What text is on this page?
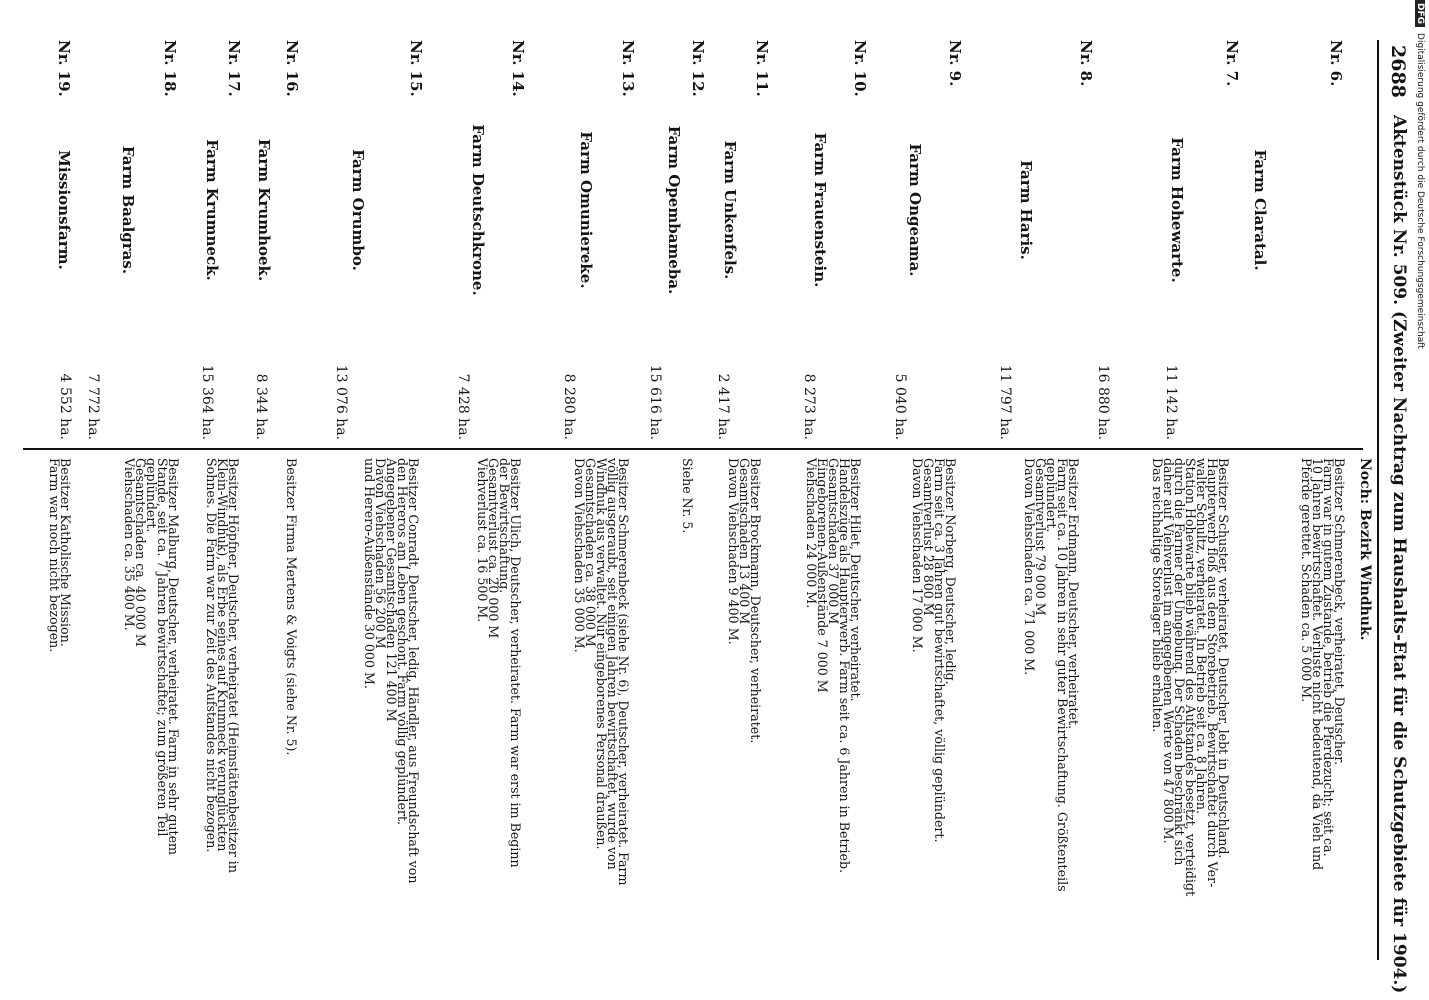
2688
Aktenstück Nr. 509. (Zweiter Nachtrag zum Haushalts-Etat für die Schutzgebiete für 1904.)
Noch: Bezirk Windhuk.
Nr. 6.
Farm Claratal.
11 142 ha.
Besitzer Schmerenbeck, verheiratet, Deutscher.
Farm war in gutem Zustande, betrieb die Pferdezucht; seit ca.
10 Jahren bewirtschaftet. Verluste nicht bedeutend, da Vieh und
Pferde gerettet. Schaden ca. 5 000 M.
Nr. 7.
Farm Hohewarte.
16 880 ha.
Besitzer Schuster, verheiratet, Deutscher, lebt in Deutschland.
Haupterwerb floß aus dem Storebetrieb. Bewirtschaftet durch Ver-
walter Schultz, verheiratet. In Betrieb seit ca. 8 Jahren.
Station Hohewarte blieb während des Aufstandes besetzt, verteidigt
durch die Farmer der Umgebung. Der Schaden beschränkt sich
daher auf Viehverlust im angegebenen Werte von 47 800 M.
Das reichhaltige Storelager blieb erhalten.
Nr. 8.
Farm Haris.
11 797 ha.
Besitzer Erdmann, Deutscher, verheiratet.
Farm seit ca. 10 Jahren in sehr guter Bewirtschaftung. Größtenteils
geplündert.
Gesamtverlust 79 000 M
Davon Viehschaden ca. 71 000 M.
Nr. 9.
Farm Ongeama.
5 040 ha.
Besitzer Norberg, Deutscher, ledig.
Farm seit ca. 3 Jahren gut bewirtschaftet, völlig geplündert.
Gesamtverlust 28 800 M
Davon Viehschaden 17 000 M.
Nr. 10.
Farm Frauenstein.
8 273 ha.
Besitzer Hilet, Deutscher, verheiratet.
Handelszüge als Haupterwerb. Farm seit ca. 6 Jahren in Betrieb.
Gesamtschaden 37 000 M
Eingeborenen-Außenstände 7 000 M
Viehschaden 24 000 M.
Nr. 11.
Farm Unkenfels.
2 417 ha.
Besitzer Brockmann, Deutscher, verheiratet.
Gesamtschaden 13 400 M
Davon Viehschaden 9 400 M.
Nr. 12.
Farm Opembameba.
15 616 ha.
Siehe Nr. 5.
Nr. 13.
Farm Omuniereke.
8 280 ha.
Besitzer Schmerenbeck (siehe Nr. 6), Deutscher, verheiratet. Farm
völlig ausgeraubt, seit einigen Jahren bewirtschaftet, wurde von
Windhuk aus verwaltet. Nur eingeborenes Personal draußen.
Gesamtschaden ca. 38 000 M
Davon Viehschaden 35 000 M.
Nr. 14.
Farm Deutschkrone.
7 428 ha.
Besitzer Ulich, Deutscher, verheiratet. Farm war erst im Beginn
der Bewirtschaftung.
Gesamtverlust ca. 20 000 M
Viehverlust ca. 16 500 M.
Nr. 15.
Farm Orumbo.
13 076 ha.
Besitzer Conradt, Deutscher, ledig, Händler, aus Freundschaft von
den Hereros am Leben geschont. Farm völlig geplündert.
Angegebener Gesamtschaden 121 400 M
Davon Viehschaden 56 200 M
und Herero-Außenstände 30 000 M.
Nr. 16.
Farm Krumhoek.
8 344 ha.
Besitzer Firma Mertens & Voigts (siehe Nr. 5).
Nr. 17.
Farm Krumneck.
15 364 ha.
Besitzer Höpfner, Deutscher, verheiratet (Heimstättenbesitzer in
Klein-Windhuk), als Erbe seines auf Krumneck verunglückten
Sohnes. Die Farm war zur Zeit des Aufstandes nicht bezogen.
Nr. 18.
Farm Baalgras.
7 772 ha.
Besitzer Malburg, Deutscher, verheiratet. Farm in sehr gutem
Stande, seit ca. 7 Jahren bewirtschaftet; zum größeren Teil
geplündert.
Gesamtschaden ca. 40 000 M
Viehschaden ca. 35 400 M.
Nr. 19.
Missionsfarm.
4 552 ha.
Besitzer Katholische Mission.
Farm war noch nicht bezogen.
DFGDigitalisierung gefördert durch die Deutsche Forschungsgemeinschaft
